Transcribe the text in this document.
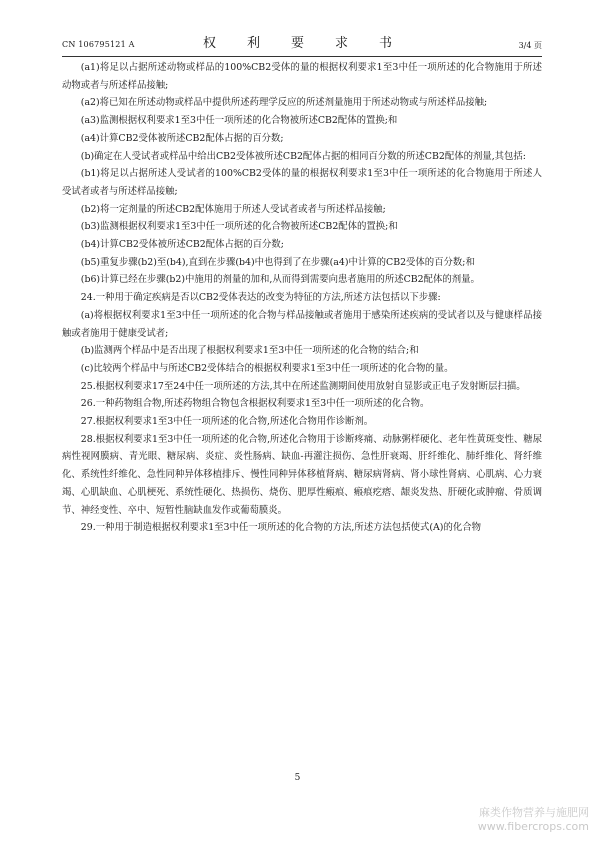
CN 106795121 A	权　利　要　求　书	3/4 页

(a1)将足以占据所述动物或样品的100%CB2受体的量的根据权利要求1至3中任一项所述的化合物施用于所述动物或者与所述样品接触;

(a2)将已知在所述动物或样品中提供所述药理学反应的所述剂量施用于所述动物或与所述样品接触;

(a3)监测根据权利要求1至3中任一项所述的化合物被所述CB2配体的置换;和

(a4)计算CB2受体被所述CB2配体占据的百分数;

(b)确定在人受试者或样品中给出CB2受体被所述CB2配体占据的相同百分数的所述CB2配体的剂量,其包括:

(b1)将足以占据所述人受试者的100%CB2受体的量的根据权利要求1至3中任一项所述的化合物施用于所述人受试者或者与所述样品接触;

(b2)将一定剂量的所述CB2配体施用于所述人受试者或者与所述样品接触;

(b3)监测根据权利要求1至3中任一项所述的化合物被所述CB2配体的置换;和

(b4)计算CB2受体被所述CB2配体占据的百分数;

(b5)重复步骤(b2)至(b4),直到在步骤(b4)中也得到了在步骤(a4)中计算的CB2受体的百分数;和

(b6)计算已经在步骤(b2)中施用的剂量的加和,从而得到需要向患者施用的所述CB2配体的剂量。

24.一种用于确定疾病是否以CB2受体表达的改变为特征的方法,所述方法包括以下步骤:

(a)将根据权利要求1至3中任一项所述的化合物与样品接触或者施用于感染所述疾病的受试者以及与健康样品接触或者施用于健康受试者;

(b)监测两个样品中是否出现了根据权利要求1至3中任一项所述的化合物的结合;和

(c)比较两个样品中与所述CB2受体结合的根据权利要求1至3中任一项所述的化合物的量。

25.根据权利要求17至24中任一项所述的方法,其中在所述监测期间使用放射自显影或正电子发射断层扫描。

26.一种药物组合物,所述药物组合物包含根据权利要求1至3中任一项所述的化合物。

27.根据权利要求1至3中任一项所述的化合物,所述化合物用作诊断剂。

28.根据权利要求1至3中任一项所述的化合物,所述化合物用于诊断疼痛、动脉粥样硬化、老年性黄斑变性、糖尿病性视网膜病、青光眼、糖尿病、炎症、炎性肠病、缺血-再灌注损伤、急性肝衰竭、肝纤维化、肺纤维化、肾纤维化、系统性纤维化、急性同种异体移植排斥、慢性同种异体移植肾病、糖尿病肾病、肾小球性肾病、心肌病、心力衰竭、心肌缺血、心肌梗死、系统性硬化、热损伤、烧伤、肥厚性瘢痕、瘢痕疙瘩、龈炎发热、肝硬化或肿瘤、骨质调节、神经变性、卒中、短暂性脑缺血发作或葡萄膜炎。

29.一种用于制造根据权利要求1至3中任一项所述的化合物的方法,所述方法包括使式(A)的化合物

5
麻类作物营养与施肥网
www.fibercrops.com
